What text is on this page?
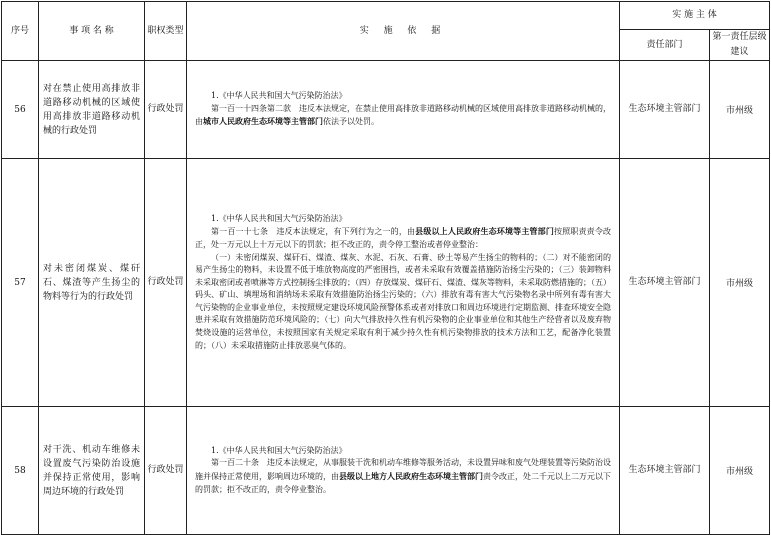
序号	事 项 名 称	职权类型	实 施 依 据	实 施 主 体	
				责任部门	第一责任层级建议
56	对在禁止使用高排放非道路移动机械的区域使用高排放非道路移动机械的行政处罚	行政处罚	1.《中华人民共和国大气污染防治法》

第一百一十四条第二款　违反本法规定，在禁止使用高排放非道路移动机械的区域使用高排放非道路移动机械的，由城市人民政府生态环境等主管部门依法予以处罚。	生态环境主管部门	市州级
57	对未密闭煤炭、煤矸石、煤渣等产生扬尘的物料等行为的行政处罚	行政处罚	1.《中华人民共和国大气污染防治法》

第一百一十七条　违反本法规定，有下列行为之一的，由县级以上人民政府生态环境等主管部门按照职责责令改正，处一万元以上十万元以下的罚款；拒不改正的，责令停工整治或者停业整治：

（一）未密闭煤炭、煤矸石、煤渣、煤灰、水泥、石灰、石膏、砂土等易产生扬尘的物料的；（二）对不能密闭的易产生扬尘的物料，未设置不低于堆放物高度的严密围挡，或者未采取有效覆盖措施防治扬尘污染的；（三）装卸物料未采取密闭或者喷淋等方式控制扬尘排放的；（四）存放煤炭、煤矸石、煤渣、煤灰等物料，未采取防燃措施的；（五）码头、矿山、填埋场和消纳场未采取有效措施防治扬尘污染的；（六）排放有毒有害大气污染物名录中所列有毒有害大气污染物的企业事业单位，未按照规定建设环境风险预警体系或者对排放口和周边环境进行定期监测、排查环境安全隐患并采取有效措施防范环境风险的；（七）向大气排放持久性有机污染物的企业事业单位和其他生产经营者以及废弃物焚烧设施的运营单位，未按照国家有关规定采取有利于减少持久性有机污染物排放的技术方法和工艺，配备净化装置的；（八）未采取措施防止排放恶臭气体的。	生态环境主管部门	市州级
58	对干洗、机动车维修未设置废气污染防治设施并保持正常使用，影响周边环境的行政处罚	行政处罚	1.《中华人民共和国大气污染防治法》

第一百二十条　违反本法规定，从事服装干洗和机动车维修等服务活动，未设置异味和废气处理装置等污染防治设施并保持正常使用，影响周边环境的，由县级以上地方人民政府生态环境主管部门责令改正，处二千元以上二万元以下的罚款；拒不改正的，责令停业整治。	生态环境主管部门	市州级
